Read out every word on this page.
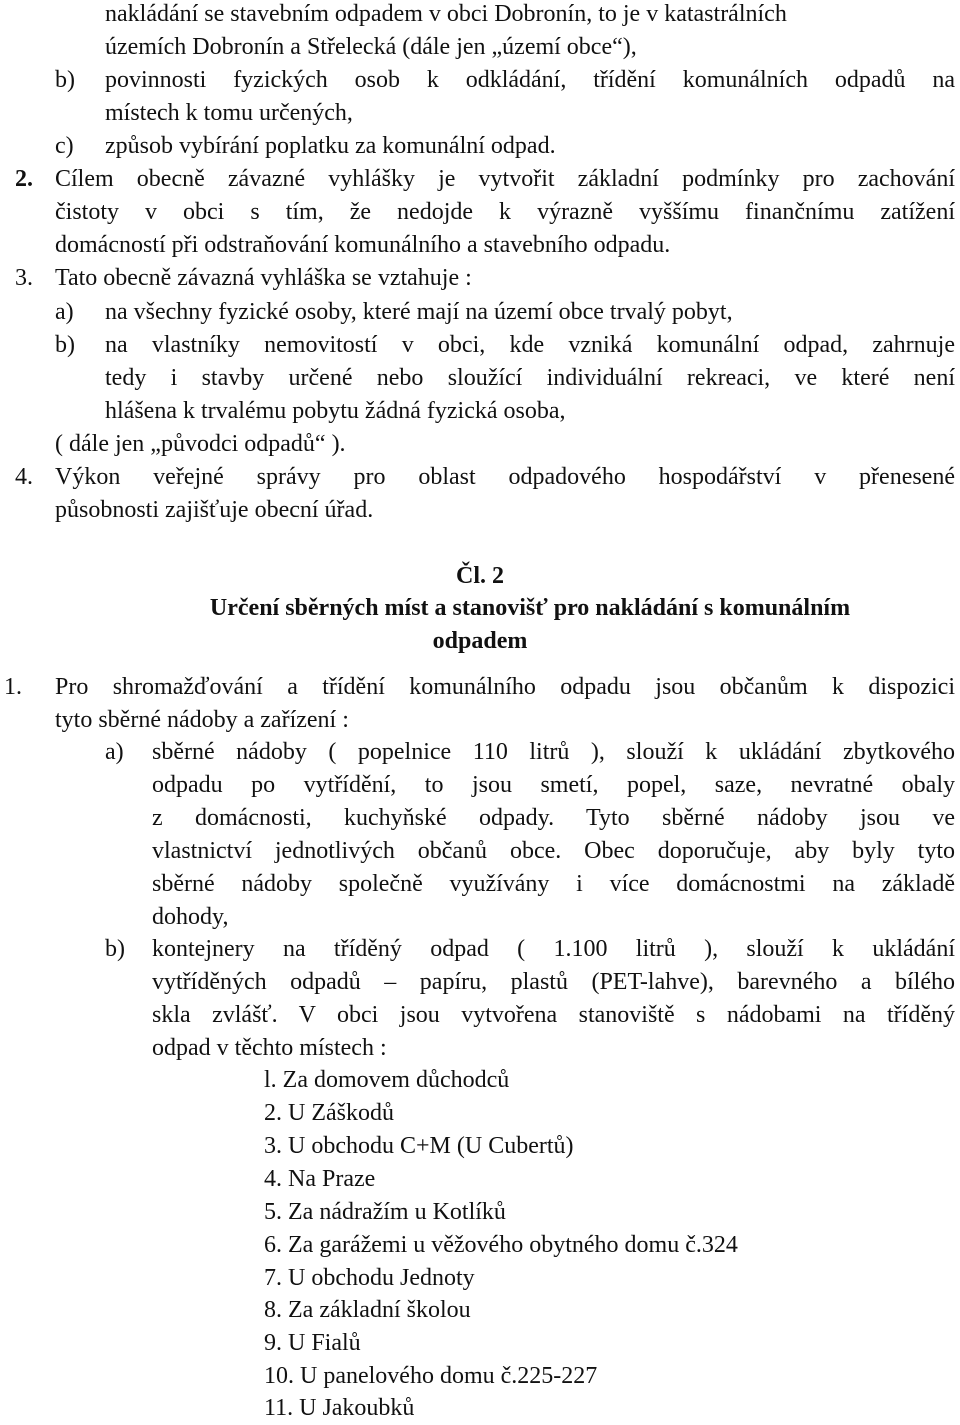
nakládání se stavebním odpadem v obci Dobronín, to je v katastrálních
územích Dobronín a Střelecká (dále jen „území obce“),
b) povinnosti fyzických osob k odkládání, třídění komunálních odpadů na
místech k tomu určených,
c) způsob vybírání poplatku za komunální odpad.
2. Cílem obecně závazné vyhlášky je vytvořit základní podmínky pro zachování
čistoty v obci s tím, že nedojde k výrazně vyššímu finančnímu zatížení
domácností při odstraňování komunálního a stavebního odpadu.
3. Tato obecně závazná vyhláška se vztahuje :
a) na všechny fyzické osoby, které mají na území obce trvalý pobyt,
b) na vlastníky nemovitostí v obci, kde vzniká komunální odpad, zahrnuje
tedy i stavby určené nebo sloužící individuální rekreaci, ve které není
hlášena k trvalému pobytu žádná fyzická osoba,
( dále jen „původci odpadů“ ).
4. Výkon veřejné správy pro oblast odpadového hospodářství v přenesené
působnosti zajišťuje obecní úřad.
Čl. 2
Určení sběrných míst a stanovišť pro nakládání s komunálním
odpadem
1. Pro shromažďování a třídění komunálního odpadu jsou občanům k dispozici
tyto sběrné nádoby a zařízení :
a) sběrné nádoby ( popelnice 110 litrů ), slouží k ukládání zbytkového
odpadu po vytřídění, to jsou smetí, popel, saze, nevratné obaly
z domácnosti, kuchyňské odpady. Tyto sběrné nádoby jsou ve
vlastnictví jednotlivých občanů obce. Obec doporučuje, aby byly tyto
sběrné nádoby společně využívány i více domácnostmi na základě
dohody,
b) kontejnery na tříděný odpad ( 1.100 litrů ), slouží k ukládání
vytříděných odpadů – papíru, plastů (PET-lahve), barevného a bílého
skla zvlášť. V obci jsou vytvořena stanoviště s nádobami na tříděný
odpad v těchto místech :
l. Za domovem důchodců
2. U Záškodů
3. U obchodu C+M (U Cubertů)
4. Na Praze
5. Za nádražím u Kotlíků
6. Za garážemi u věžového obytného domu č.324
7. U obchodu Jednoty
8. Za základní školou
9. U Fialů
10. U panelového domu č.225-227
11. U Jakoubků
